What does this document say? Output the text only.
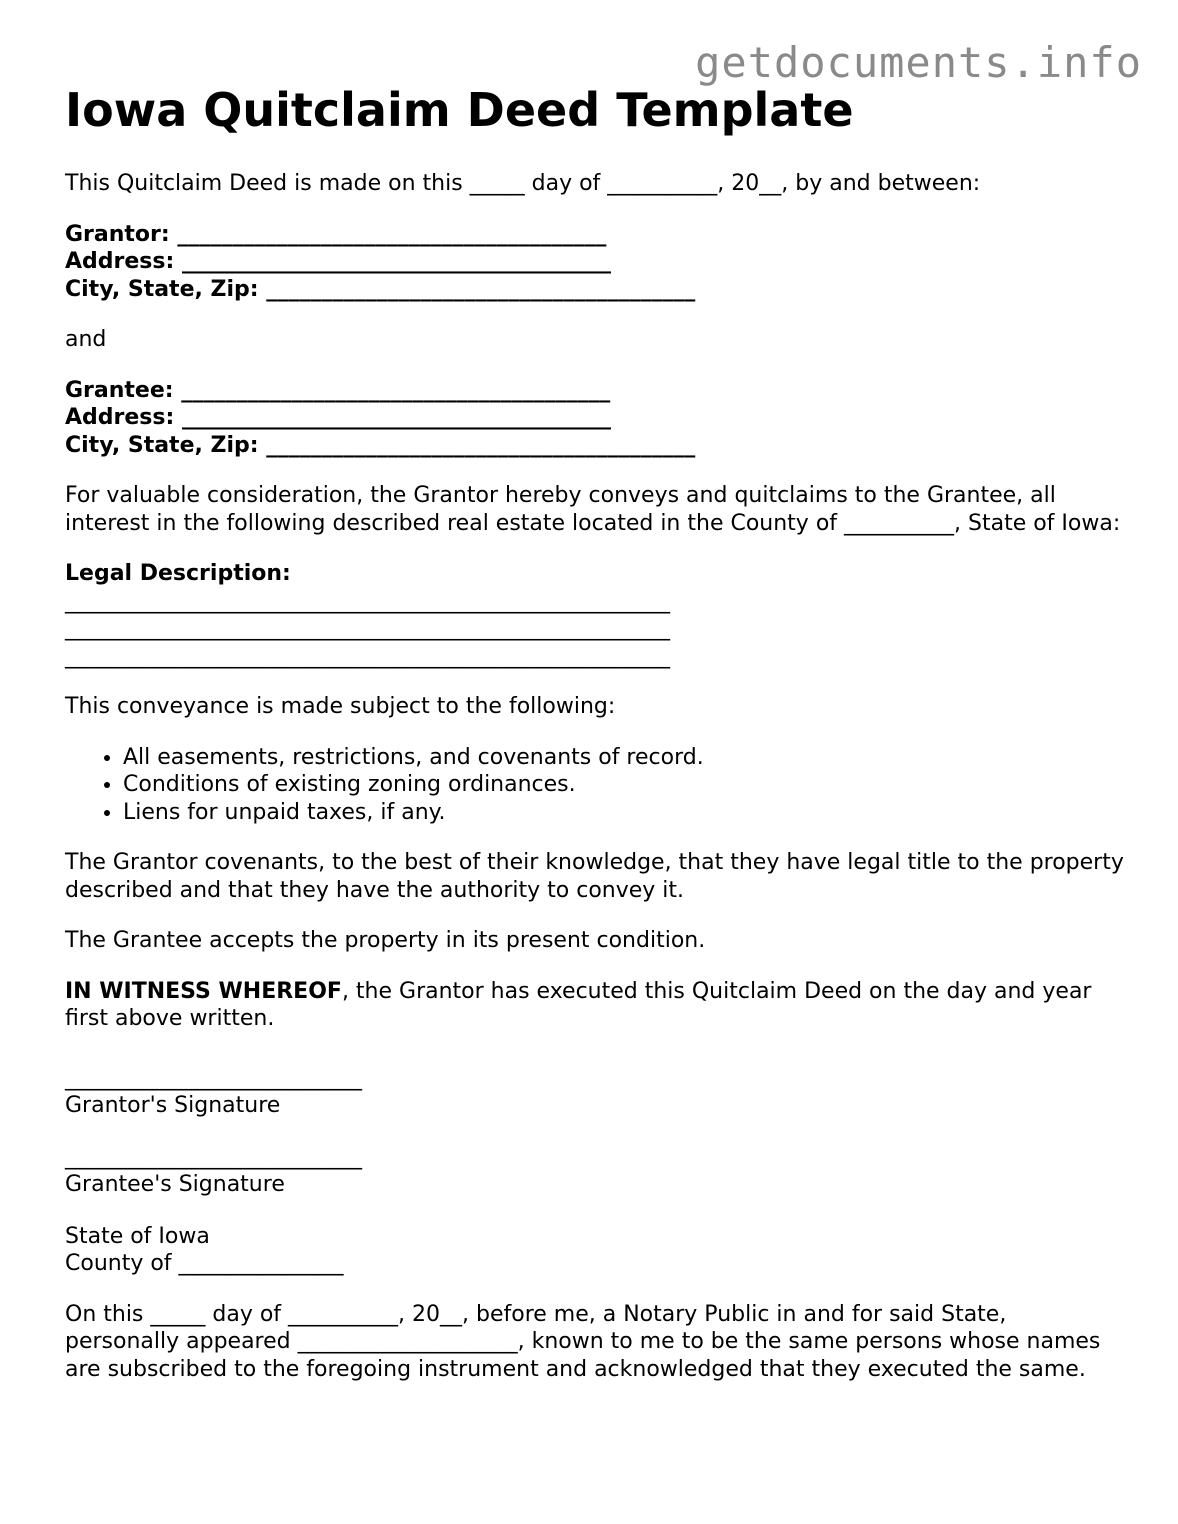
getdocuments.info
Iowa Quitclaim Deed Template

This Quitclaim Deed is made on this _____ day of __________, 20__, by and between:

Grantor: _______________________________________

Address: _______________________________________

City, State, Zip: _______________________________________

and

Grantee: _______________________________________

Address: _______________________________________

City, State, Zip: _______________________________________

For valuable consideration, the Grantor hereby conveys and quitclaims to the Grantee, all interest in the following described real estate located in the County of __________, State of Iowa:

Legal Description:

_______________________________________________________

_______________________________________________________

_______________________________________________________

This conveyance is made subject to the following:

• All easements, restrictions, and covenants of record.
• Conditions of existing zoning ordinances.
• Liens for unpaid taxes, if any.

The Grantor covenants, to the best of their knowledge, that they have legal title to the property described and that they have the authority to convey it.

The Grantee accepts the property in its present condition.

IN WITNESS WHEREOF, the Grantor has executed this Quitclaim Deed on the day and year first above written.

___________________________

Grantor's Signature

___________________________

Grantee's Signature

State of Iowa

County of _______________

On this _____ day of __________, 20__, before me, a Notary Public in and for said State, personally appeared ____________________, known to me to be the same persons whose names are subscribed to the foregoing instrument and acknowledged that they executed the same.
